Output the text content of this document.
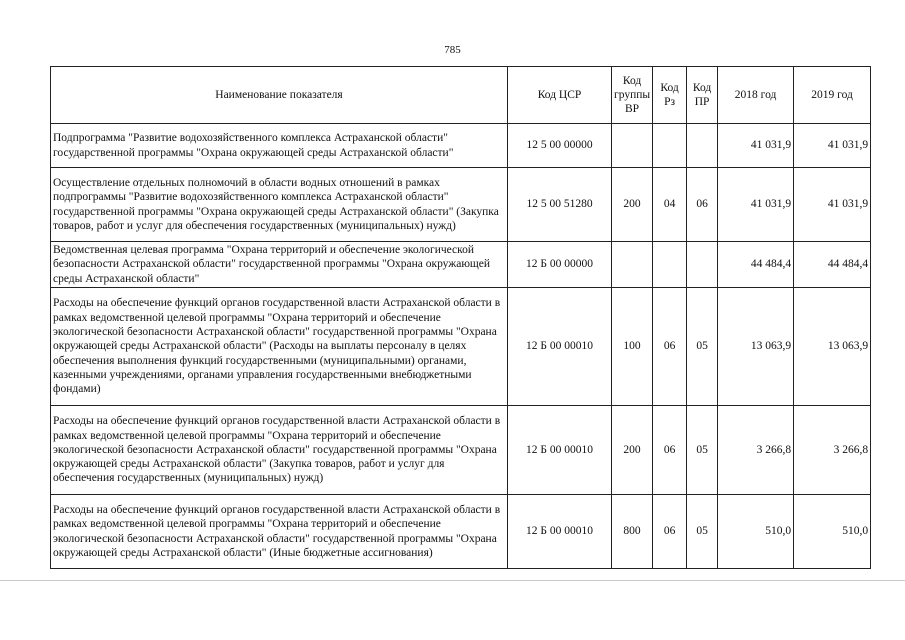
785
Наименование показателя	Код ЦСР	Код группы ВР	Код Рз	Код ПР	2018 год	2019 год
Подпрограмма "Развитие водохозяйственного комплекса Астраханской области" государственной программы "Охрана окружающей среды Астраханской области"	12 5 00 00000				41 031,9	41 031,9
Осуществление отдельных полномочий в области водных отношений в рамках подпрограммы "Развитие водохозяйственного комплекса Астраханской области" государственной программы "Охрана окружающей среды Астраханской области" (Закупка товаров, работ и услуг для обеспечения государственных (муниципальных) нужд)	12 5 00 51280	200	04	06	41 031,9	41 031,9
Ведомственная целевая программа "Охрана территорий и обеспечение экологической безопасности Астраханской области" государственной программы "Охрана окружающей среды Астраханской области"	12 Б 00 00000				44 484,4	44 484,4
Расходы на обеспечение функций органов государственной власти Астраханской области в рамках ведомственной целевой программы "Охрана территорий и обеспечение экологической безопасности Астраханской области" государственной программы "Охрана окружающей среды Астраханской области" (Расходы на выплаты персоналу в целях обеспечения выполнения функций государственными (муниципальными) органами, казенными учреждениями, органами управления государственными внебюджетными фондами)	12 Б 00 00010	100	06	05	13 063,9	13 063,9
Расходы на обеспечение функций органов государственной власти Астраханской области в рамках ведомственной целевой программы "Охрана территорий и обеспечение экологической безопасности Астраханской области" государственной программы "Охрана окружающей среды Астраханской области" (Закупка товаров, работ и услуг для обеспечения государственных (муниципальных) нужд)	12 Б 00 00010	200	06	05	3 266,8	3 266,8
Расходы на обеспечение функций органов государственной власти Астраханской области в рамках ведомственной целевой программы "Охрана территорий и обеспечение экологической безопасности Астраханской области" государственной программы "Охрана окружающей среды Астраханской области" (Иные бюджетные ассигнования)	12 Б 00 00010	800	06	05	510,0	510,0
